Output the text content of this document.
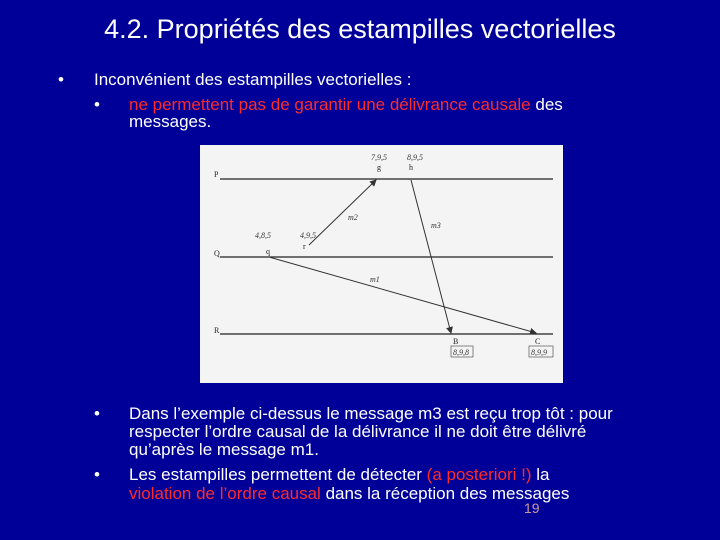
4.2. Propriétés des estampilles vectorielles
• Inconvénient des estampilles vectorielles :
• ne permettent pas de garantir une délivrance causale des
messages.
P
Q
R
m2
m3
m1
7,9,5
g
8,9,5
h
4,8,5
q
4,9,5
r
B
8,9,8
C
8,9,9
• Dans l’exemple ci-dessus le message m3 est reçu trop tôt : pour
respecter l’ordre causal de la délivrance il ne doit être délivré
qu’après le message m1.
• Les estampilles permettent de détecter (a posteriori !) la
violation de l’ordre causal dans la réception des messages
19
